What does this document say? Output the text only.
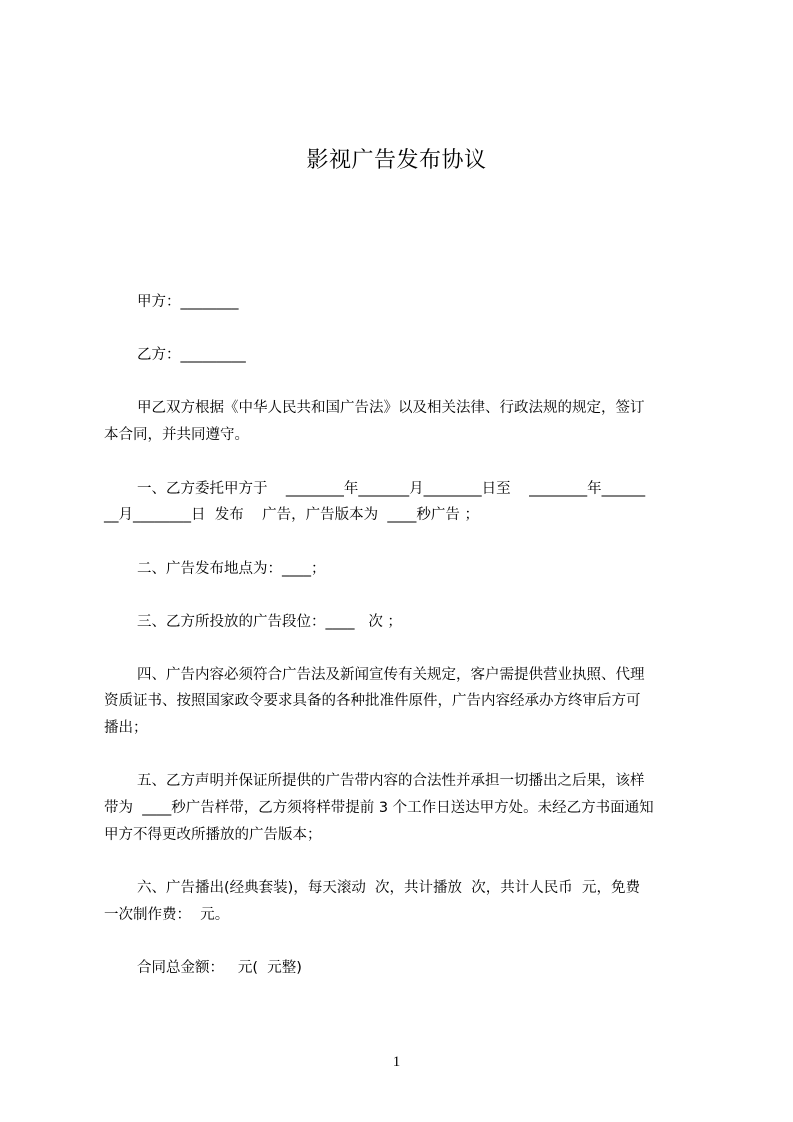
影视广告发布协议
甲方：________
乙方：_________
甲乙双方根据《中华人民共和国广告法》以及相关法律、行政法规的规定，签订
本合同，并共同遵守。
一、乙方委托甲方于    ________年_______月________日至    ________年______
__月________日  发布    广告，广告版本为  ____秒广告 ；
二、广告发布地点为：____；
三、乙方所投放的广告段位：____   次 ；
四、广告内容必须符合广告法及新闻宣传有关规定，客户需提供营业执照、代理
资质证书、按照国家政令要求具备的各种批准件原件，广告内容经承办方终审后方可
播出；
五、乙方声明并保证所提供的广告带内容的合法性并承担一切播出之后果，该样
带为  ____秒广告样带，乙方须将样带提前 3 个工作日送达甲方处。未经乙方书面通知
甲方不得更改所播放的广告版本；
六、广告播出(经典套装)，每天滚动  次，共计播放  次，共计人民币  元，免费
一次制作费：  元。
合同总金额：   元(  元整)
1
